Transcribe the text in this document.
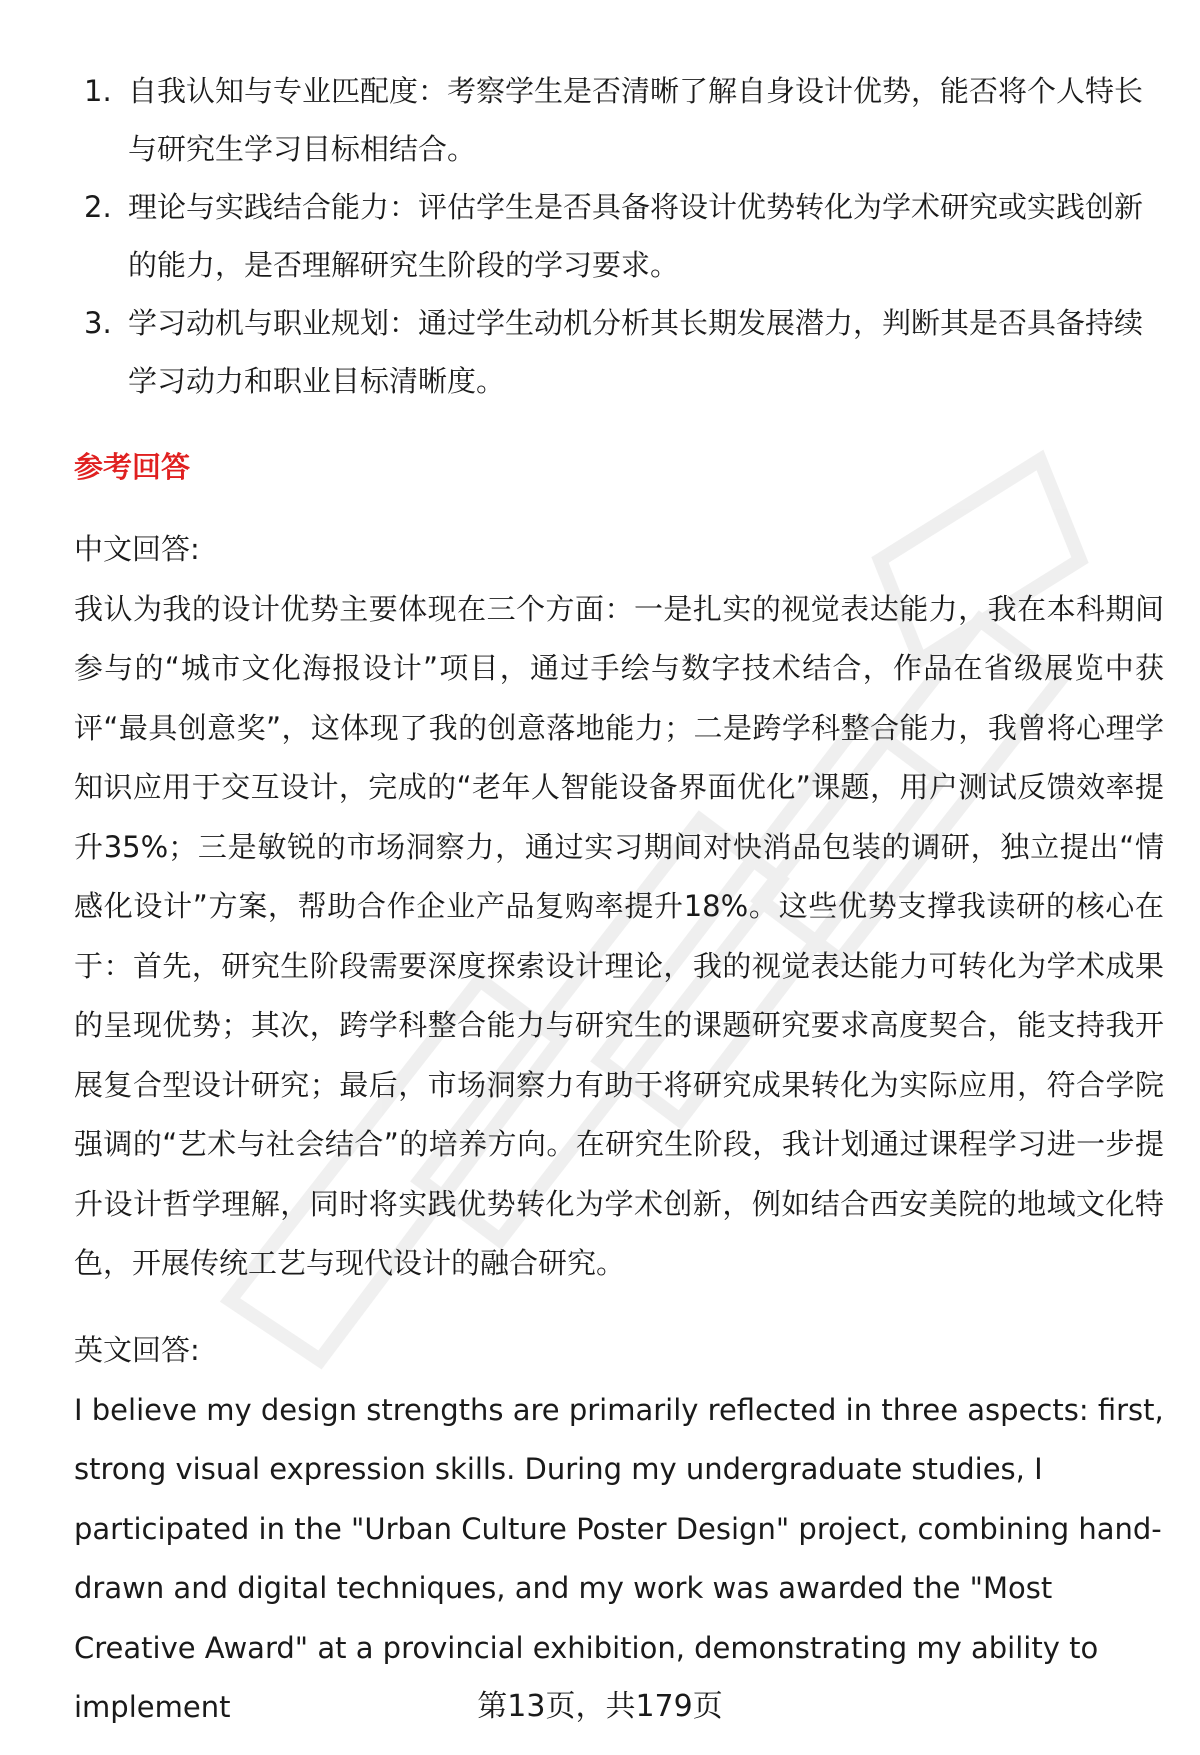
1. 自我认知与专业匹配度：考察学生是否清晰了解自身设计优势，能否将个人特长与研究生学习目标相结合。
2. 理论与实践结合能力：评估学生是否具备将设计优势转化为学术研究或实践创新的能力，是否理解研究生阶段的学习要求。
3. 学习动机与职业规划：通过学生动机分析其长期发展潜力，判断其是否具备持续学习动力和职业目标清晰度。
参考回答
中文回答:

我认为我的设计优势主要体现在三个方面：一是扎实的视觉表达能力，我在本科期间参与的“城市文化海报设计”项目，通过手绘与数字技术结合，作品在省级展览中获评“最具创意奖”，这体现了我的创意落地能力；二是跨学科整合能力，我曾将心理学知识应用于交互设计，完成的“老年人智能设备界面优化”课题，用户测试反馈效率提升35%；三是敏锐的市场洞察力，通过实习期间对快消品包装的调研，独立提出“情感化设计”方案，帮助合作企业产品复购率提升18%。这些优势支撑我读研的核心在于：首先，研究生阶段需要深度探索设计理论，我的视觉表达能力可转化为学术成果的呈现优势；其次，跨学科整合能力与研究生的课题研究要求高度契合，能支持我开展复合型设计研究；最后，市场洞察力有助于将研究成果转化为实际应用，符合学院强调的“艺术与社会结合”的培养方向。在研究生阶段，我计划通过课程学习进一步提升设计哲学理解，同时将实践优势转化为学术创新，例如结合西安美院的地域文化特色，开展传统工艺与现代设计的融合研究。

英文回答:

I believe my design strengths are primarily reflected in three aspects: first, strong visual expression skills. During my undergraduate studies, I participated in the "Urban Culture Poster Design" project, combining hand-drawn and digital techniques, and my work was awarded the "Most Creative Award" at a provincial exhibition, demonstrating my ability to implement	第13页，共179页
